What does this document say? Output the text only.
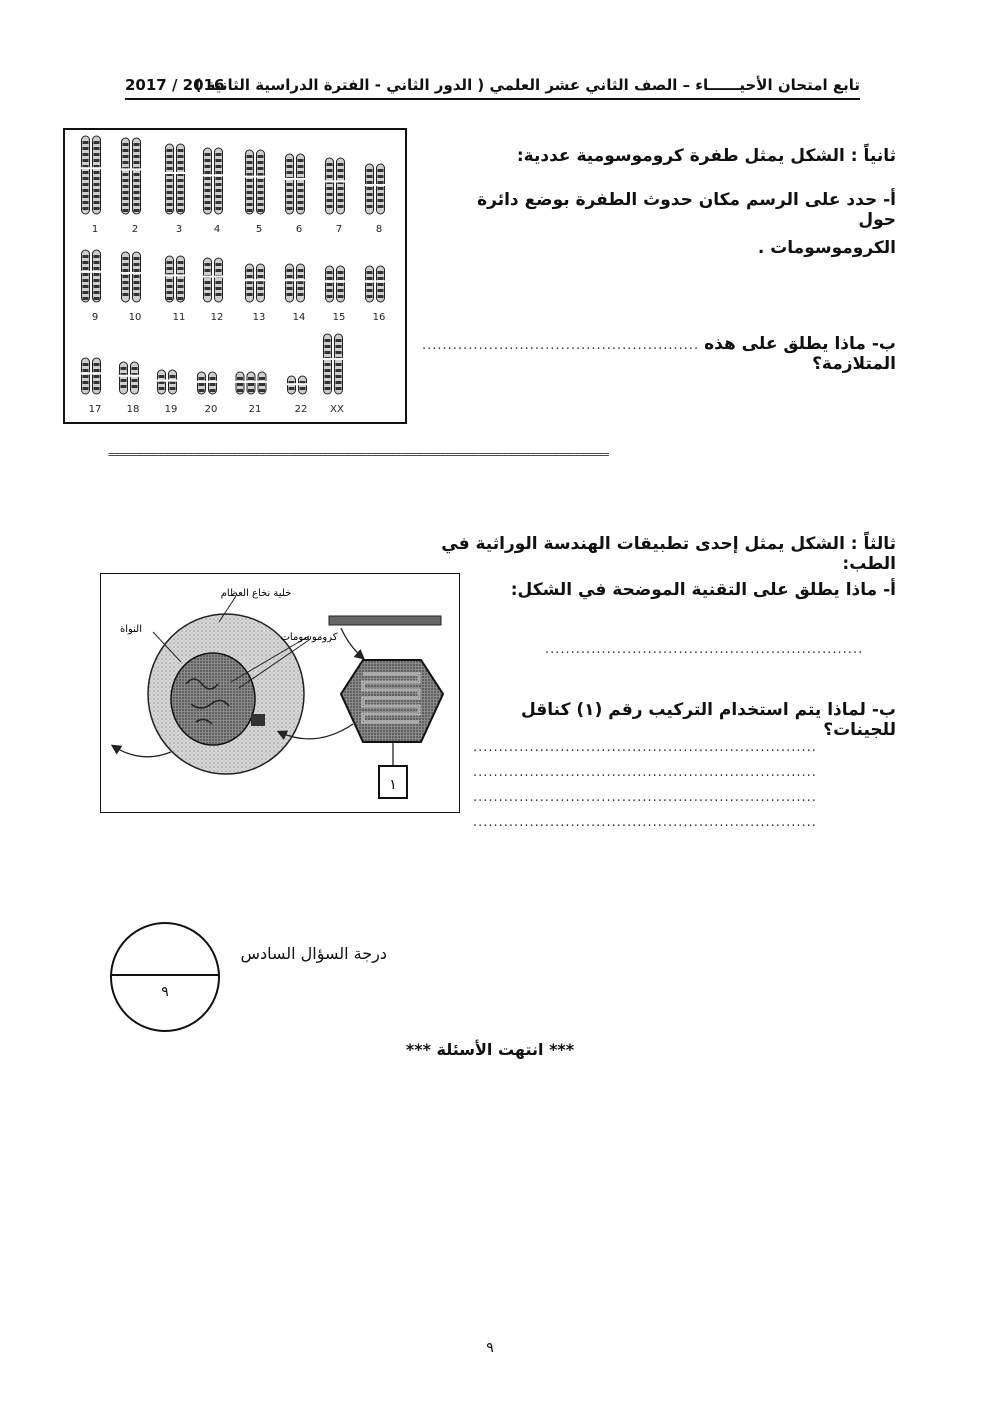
2017 / 2016
تابع امتحان الأحيــــــاء – الصف الثاني عشر العلمي ( الدور الثاني - الفترة الدراسية الثانية )
1	2	3	4	5	6	7	8
9	10	11	12	13	14	15	16
17	18	19	20	21	22 XX
ثانياً : الشكل يمثل طفرة كروموسومية عددية:
أ- حدد على الرسم مكان حدوث الطفرة بوضع دائرة حول
الكروموسومات .
ب- ماذا يطلق على هذه المتلازمة؟
......................................................
=========================================================================================
ثالثاً : الشكل يمثل إحدى تطبيقات الهندسة الوراثية في الطب:
أ- ماذا يطلق على التقنية الموضحة في الشكل:
..............................................................
ب- لماذا يتم استخدام التركيب رقم (١) كناقل للجينات؟
...................................................................
...................................................................
...................................................................
...................................................................
خلية نخاع العظام
النواة
كروموسومات
١
٩
درجة السؤال السادس
*** انتهت الأسئلة ***
٩
